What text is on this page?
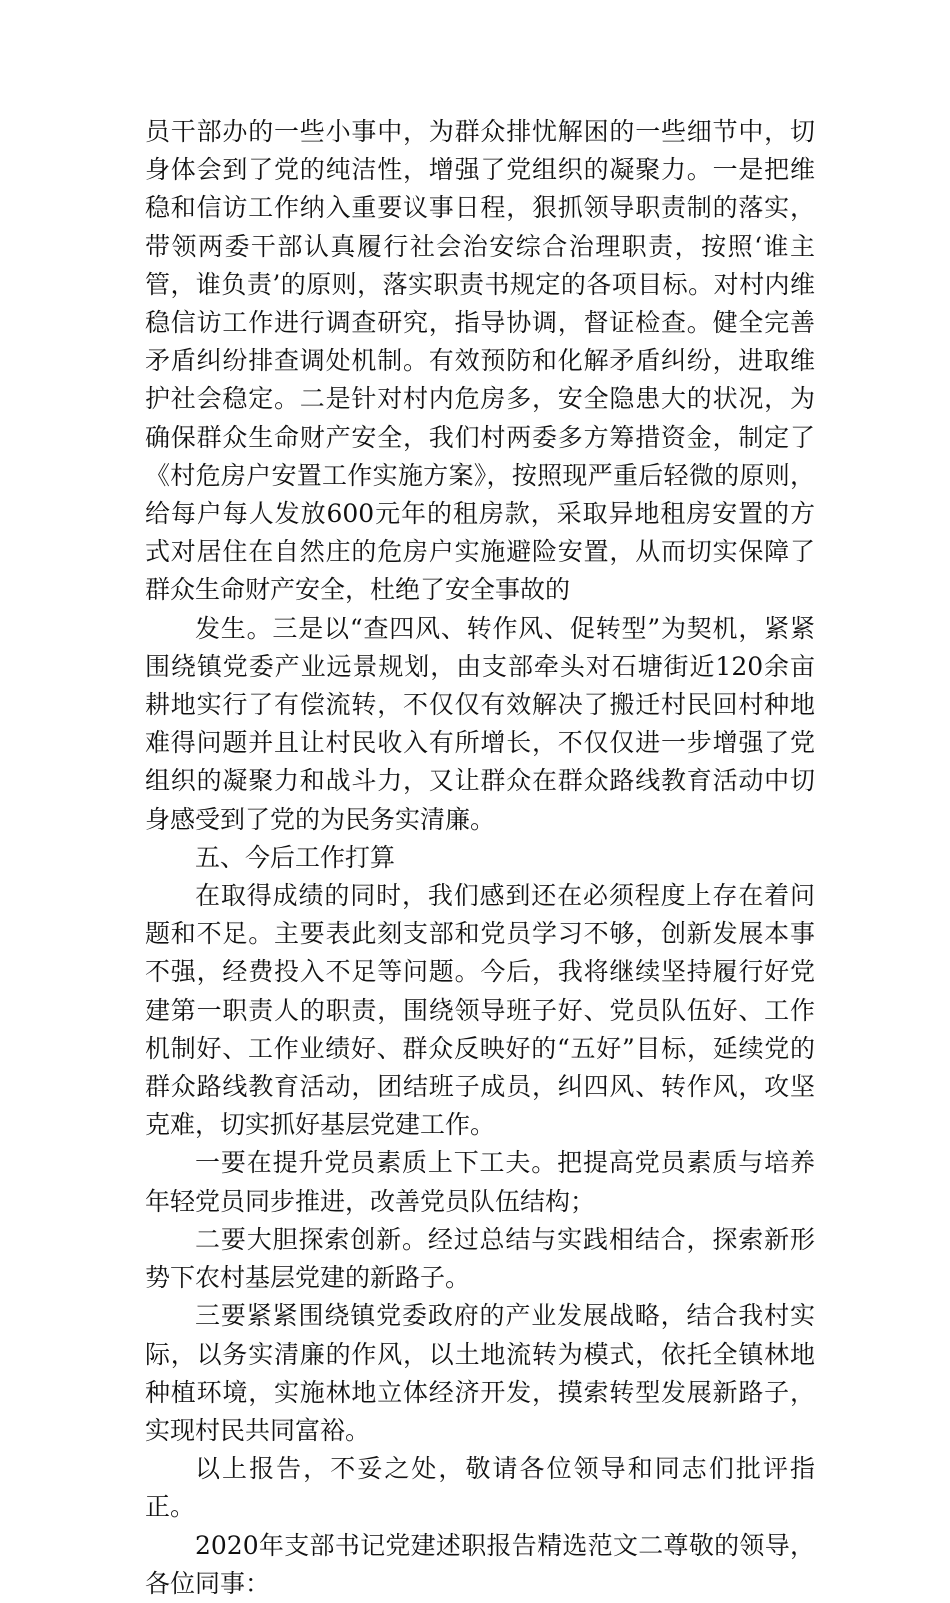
员干部办的一些小事中，为群众排忧解困的一些细节中，切身体会到了党的纯洁性，增强了党组织的凝聚力。一是把维稳和信访工作纳入重要议事日程，狠抓领导职责制的落实，带领两委干部认真履行社会治安综合治理职责，按照‘谁主管，谁负责’的原则，落实职责书规定的各项目标。对村内维稳信访工作进行调查研究，指导协调，督证检查。健全完善矛盾纠纷排查调处机制。有效预防和化解矛盾纠纷，进取维护社会稳定。二是针对村内危房多，安全隐患大的状况，为确保群众生命财产安全，我们村两委多方筹措资金，制定了《村危房户安置工作实施方案》，按照现严重后轻微的原则，给每户每人发放600元年的租房款，采取异地租房安置的方式对居住在自然庄的危房户实施避险安置，从而切实保障了群众生命财产安全，杜绝了安全事故的

发生。三是以“查四风、转作风、促转型”为契机，紧紧围绕镇党委产业远景规划，由支部牵头对石塘街近120余亩耕地实行了有偿流转，不仅仅有效解决了搬迁村民回村种地难得问题并且让村民收入有所增长，不仅仅进一步增强了党组织的凝聚力和战斗力，又让群众在群众路线教育活动中切身感受到了党的为民务实清廉。

五、今后工作打算

在取得成绩的同时，我们感到还在必须程度上存在着问题和不足。主要表此刻支部和党员学习不够，创新发展本事不强，经费投入不足等问题。今后，我将继续坚持履行好党建第一职责人的职责，围绕领导班子好、党员队伍好、工作机制好、工作业绩好、群众反映好的“五好”目标，延续党的群众路线教育活动，团结班子成员，纠四风、转作风，攻坚克难，切实抓好基层党建工作。

一要在提升党员素质上下工夫。把提高党员素质与培养年轻党员同步推进，改善党员队伍结构；

二要大胆探索创新。经过总结与实践相结合，探索新形势下农村基层党建的新路子。

三要紧紧围绕镇党委政府的产业发展战略，结合我村实际，以务实清廉的作风，以土地流转为模式，依托全镇林地种植环境，实施林地立体经济开发，摸索转型发展新路子，实现村民共同富裕。

以上报告，不妥之处，敬请各位领导和同志们批评指正。

2020年支部书记党建述职报告精选范文二尊敬的领导，各位同事：
